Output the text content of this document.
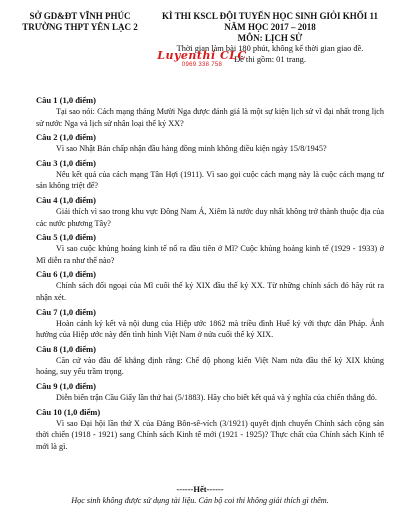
SỞ GD&ĐT VĨNH PHÚC
TRƯỜNG THPT YÊN LẠC 2
KÌ THI KSCL ĐỘI TUYỂN HỌC SINH GIỎI KHỐI 11
NĂM HỌC 2017 – 2018
MÔN: LỊCH SỬ
Thời gian làm bài 180 phút, không kể thời gian giao đề.
Đề thi gồm: 01 trang.
Luyenthi CLC
0969 338 758
Câu 1 (1,0 điểm)
Tại sao nói: Cách mạng tháng Mười Nga được đánh giá là một sự kiện lịch sử vĩ đại nhất trong lịch sử nước Nga và lịch sử nhân loại thế kỷ XX?
Câu 2 (1,0 điểm)
Vì sao Nhật Bản chấp nhận đầu hàng đồng minh không điều kiện ngày 15/8/1945?
Câu 3 (1,0 điểm)
Nêu kết quả của cách mạng Tân Hợi (1911). Vì sao gọi cuộc cách mạng này là cuộc cách mạng tư sản không triệt để?
Câu 4 (1,0 điểm)
Giải thích vì sao trong khu vực Đông Nam Á, Xiêm là nước duy nhất không trở thành thuộc địa của các nước phương Tây?
Câu 5 (1,0 điểm)
Vì sao cuộc khủng hoảng kinh tế nổ ra đầu tiên ở Mĩ? Cuộc khủng hoảng kinh tế (1929 - 1933) ở Mĩ diễn ra như thế nào?
Câu 6 (1,0 điểm)
Chính sách đối ngoại của Mĩ cuối thế kỷ XIX đầu thế kỷ XX. Từ những chính sách đó hãy rút ra nhận xét.
Câu 7 (1,0 điểm)
Hoàn cảnh ký kết và nội dung của Hiệp ước 1862 mà triều đình Huế ký với thực dân Pháp. Ảnh hưởng của Hiệp ước này đến tình hình Việt Nam ở nửa cuối thế kỷ XIX.
Câu 8 (1,0 điểm)
Căn cứ vào đâu để khẳng định rằng: Chế độ phong kiến Việt Nam nửa đầu thế kỷ XIX khủng hoảng, suy yếu trầm trọng.
Câu 9 (1,0 điểm)
Diễn biến trận Cầu Giấy lần thứ hai (5/1883). Hãy cho biết kết quả và ý nghĩa của chiến thắng đó.
Câu 10 (1,0 điểm)
Vì sao Đại hội lần thứ X của Đảng Bôn-sê-vích (3/1921) quyết định chuyển Chính sách cộng sản thời chiến (1918 - 1921) sang Chính sách Kinh tế mới (1921 - 1925)? Thực chất của Chính sách Kinh tế mới là gì.
------Hết------
Học sinh không được sử dụng tài liệu. Cán bộ coi thi không giải thích gì thêm.
